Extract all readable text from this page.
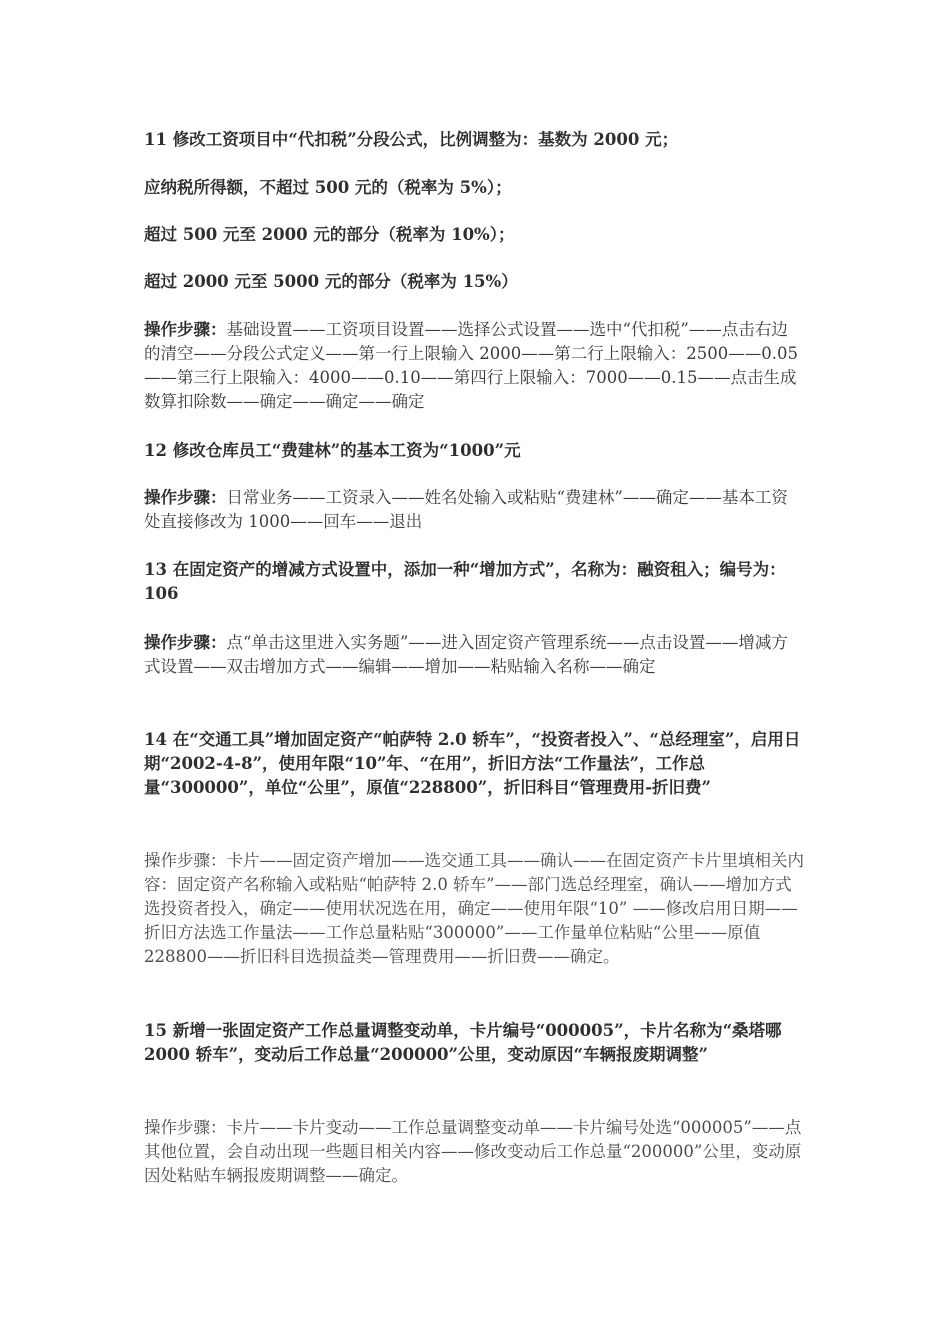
11 修改工资项目中“代扣税”分段公式，比例调整为：基数为 2000 元；

应纳税所得额，不超过 500 元的（税率为 5%）；

超过 500 元至 2000 元的部分（税率为 10%）；

超过 2000 元至 5000 元的部分（税率为 15%）

操作步骤：基础设置——工资项目设置——选择公式设置——选中“代扣税”——点击右边的清空——分段公式定义——第一行上限输入 2000——第二行上限输入：2500——0.05——第三行上限输入：4000——0.10——第四行上限输入：7000——0.15——点击生成数算扣除数——确定——确定——确定

12 修改仓库员工“费建林”的基本工资为“1000”元

操作步骤：日常业务——工资录入——姓名处输入或粘贴“费建林”——确定——基本工资处直接修改为 1000——回车——退出

13 在固定资产的增减方式设置中，添加一种“增加方式”，名称为：融资租入；编号为：106

操作步骤：点“单击这里进入实务题”——进入固定资产管理系统——点击设置——增减方式设置——双击增加方式——编辑——增加——粘贴输入名称——确定

14 在“交通工具”增加固定资产“帕萨特 2.0 轿车”，“投资者投入”、“总经理室”，启用日期“2002-4-8”，使用年限“10”年、“在用”，折旧方法“工作量法”，工作总量“300000”，单位“公里”，原值“228800”，折旧科目“管理费用-折旧费”

操作步骤：卡片——固定资产增加——选交通工具——确认——在固定资产卡片里填相关内容：固定资产名称输入或粘贴“帕萨特 2.0 轿车”——部门选总经理室，确认——增加方式选投资者投入，确定——使用状况选在用，确定——使用年限“10” ——修改启用日期——折旧方法选工作量法——工作总量粘贴“300000”——工作量单位粘贴“公里——原值 228800——折旧科目选损益类—管理费用——折旧费——确定。

15 新增一张固定资产工作总量调整变动单，卡片编号“000005”，卡片名称为“桑塔哪 2000 轿车”，变动后工作总量“200000”公里，变动原因“车辆报废期调整”

操作步骤：卡片——卡片变动——工作总量调整变动单——卡片编号处选“000005”——点其他位置，会自动出现一些题目相关内容——修改变动后工作总量“200000”公里，变动原因处粘贴车辆报废期调整——确定。
